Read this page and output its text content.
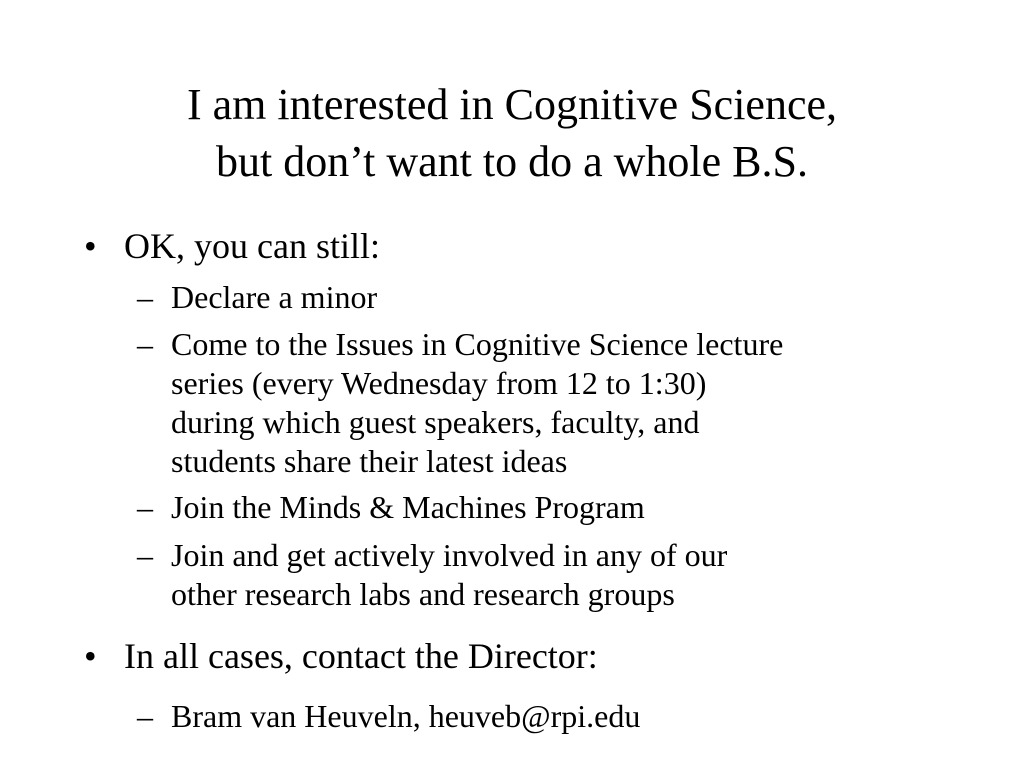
I am interested in Cognitive Science,
but don’t want to do a whole B.S.
• OK, you can still:
– Declare a minor
– Come to the Issues in Cognitive Science lecture
series (every Wednesday from 12 to 1:30)
during which guest speakers, faculty, and
students share their latest ideas
– Join the Minds & Machines Program
– Join and get actively involved in any of our
other research labs and research groups
• In all cases, contact the Director:
– Bram van Heuveln, heuveb@rpi.edu
